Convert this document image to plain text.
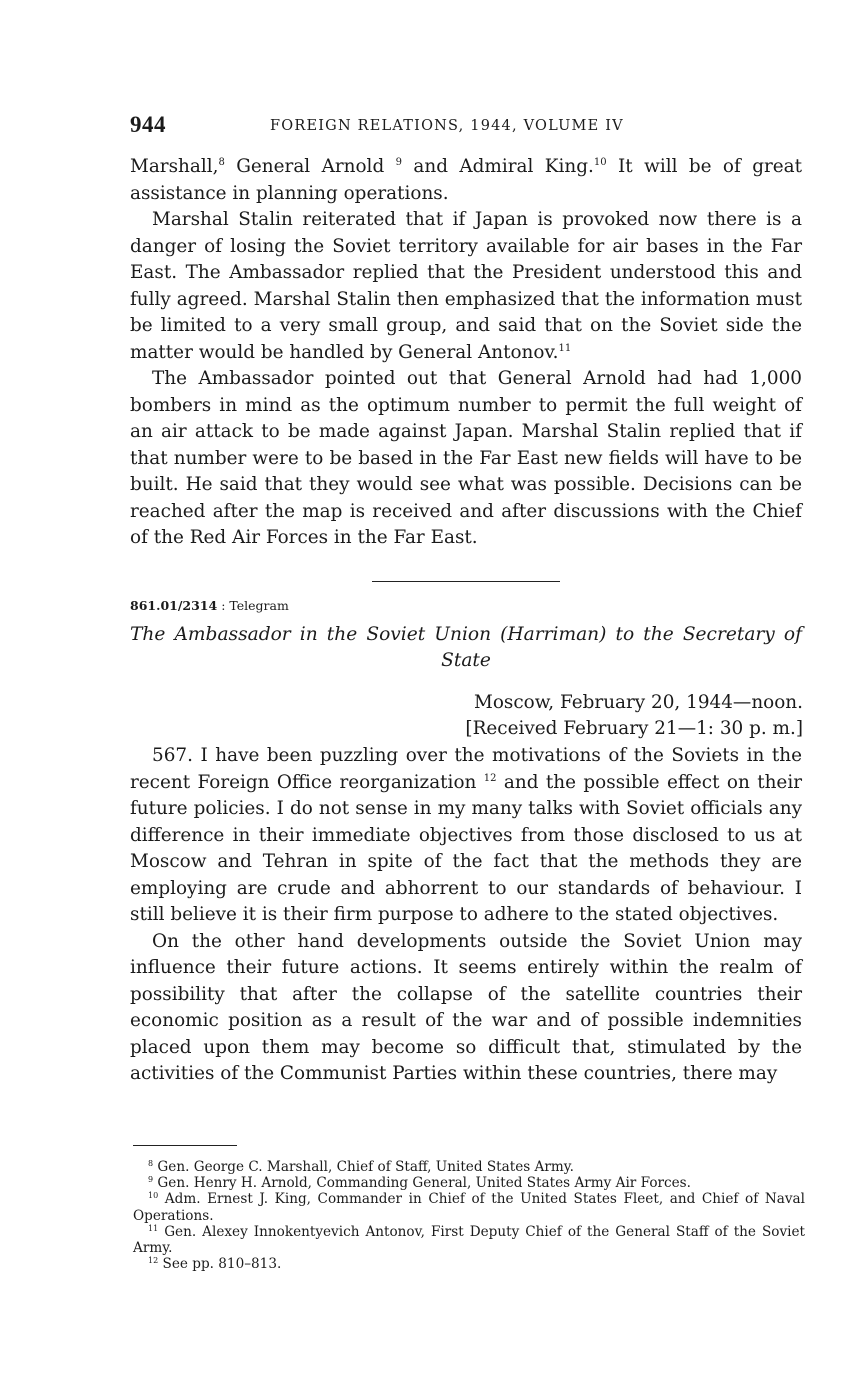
944	FOREIGN RELATIONS, 1944, VOLUME IV

Marshall,$^8$ General Arnold $^9$ and Admiral King.$^{10}$ It will be of great assistance in planning operations.

Marshal Stalin reiterated that if Japan is provoked now there is a danger of losing the Soviet territory available for air bases in the Far East. The Ambassador replied that the President understood this and fully agreed. Marshal Stalin then emphasized that the information must be limited to a very small group, and said that on the Soviet side the matter would be handled by General Antonov.$^{11}$

The Ambassador pointed out that General Arnold had had 1,000 bombers in mind as the optimum number to permit the full weight of an air attack to be made against Japan. Marshal Stalin replied that if that number were to be based in the Far East new fields will have to be built. He said that they would see what was possible. Decisions can be reached after the map is received and after discussions with the Chief of the Red Air Forces in the Far East.

861.01/2314 : Telegram
The Ambassador in the Soviet Union (Harriman) to the Secretary of State
Moscow, February 20, 1944—noon.
[Received February 21—1: 30 p. m.]

567. I have been puzzling over the motivations of the Soviets in the recent Foreign Office reorganization $^{12}$ and the possible effect on their future policies. I do not sense in my many talks with Soviet officials any difference in their immediate objectives from those disclosed to us at Moscow and Tehran in spite of the fact that the methods they are employing are crude and abhorrent to our standards of behaviour. I still believe it is their firm purpose to adhere to the stated objectives.

On the other hand developments outside the Soviet Union may influence their future actions. It seems entirely within the realm of possibility that after the collapse of the satellite countries their economic position as a result of the war and of possible indemnities placed upon them may become so difficult that, stimulated by the activities of the Communist Parties within these countries, there may

$^8$ Gen. George C. Marshall, Chief of Staff, United States Army.

$^9$ Gen. Henry H. Arnold, Commanding General, United States Army Air Forces.

$^{10}$ Adm. Ernest J. King, Commander in Chief of the United States Fleet, and Chief of Naval Operations.

$^{11}$ Gen. Alexey Innokentyevich Antonov, First Deputy Chief of the General Staff of the Soviet Army.

$^{12}$ See pp. 810–813.
